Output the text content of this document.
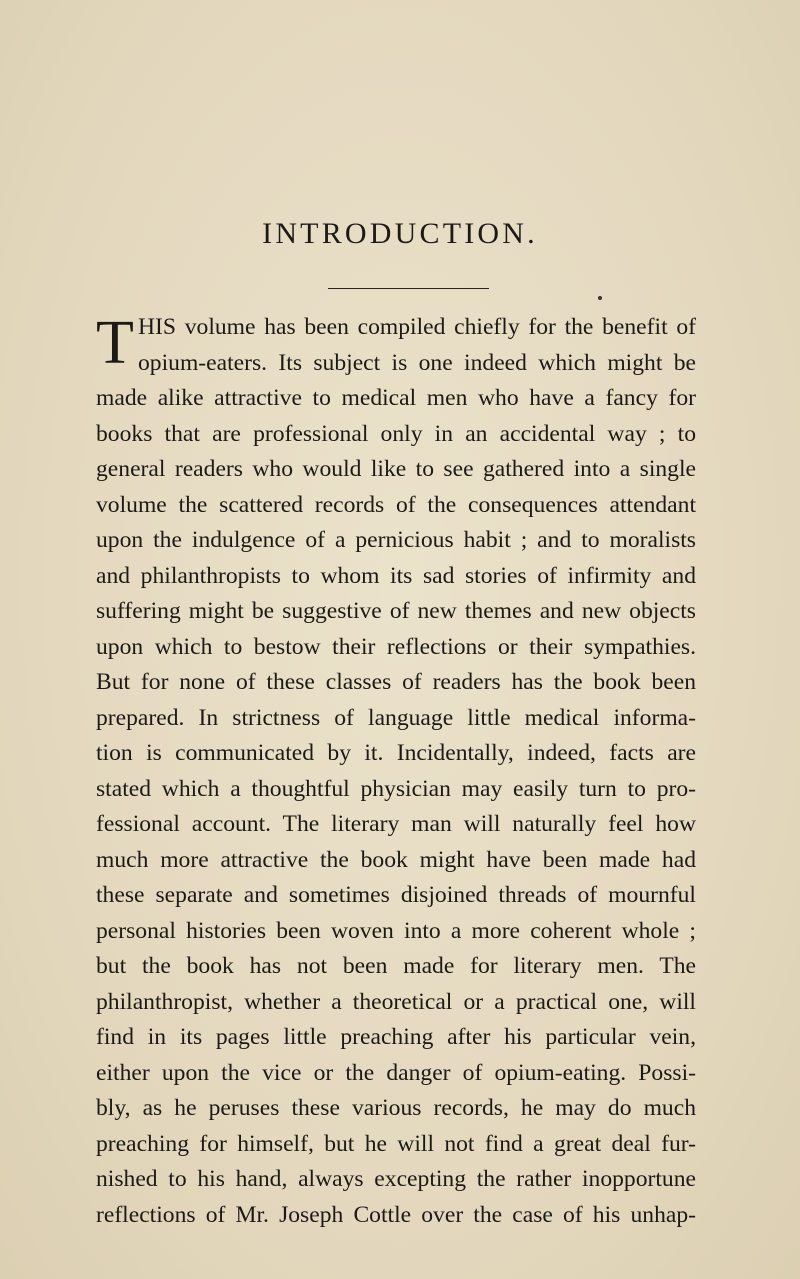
INTRODUCTION.
T HIS volume has been compiled chiefly for the benefit of
opium-eaters. Its subject is one indeed which might be
made alike attractive to medical men who have a fancy for
books that are professional only in an accidental way ; to
general readers who would like to see gathered into a single
volume the scattered records of the consequences attendant
upon the indulgence of a pernicious habit ; and to moralists
and philanthropists to whom its sad stories of infirmity and
suffering might be suggestive of new themes and new objects
upon which to bestow their reflections or their sympathies.
But for none of these classes of readers has the book been
prepared. In strictness of language little medical informa-
tion is communicated by it. Incidentally, indeed, facts are
stated which a thoughtful physician may easily turn to pro-
fessional account. The literary man will naturally feel how
much more attractive the book might have been made had
these separate and sometimes disjoined threads of mournful
personal histories been woven into a more coherent whole ;
but the book has not been made for literary men. The
philanthropist, whether a theoretical or a practical one, will
find in its pages little preaching after his particular vein,
either upon the vice or the danger of opium-eating. Possi-
bly, as he peruses these various records, he may do much
preaching for himself, but he will not find a great deal fur-
nished to his hand, always excepting the rather inopportune
reflections of Mr. Joseph Cottle over the case of his unhap-
